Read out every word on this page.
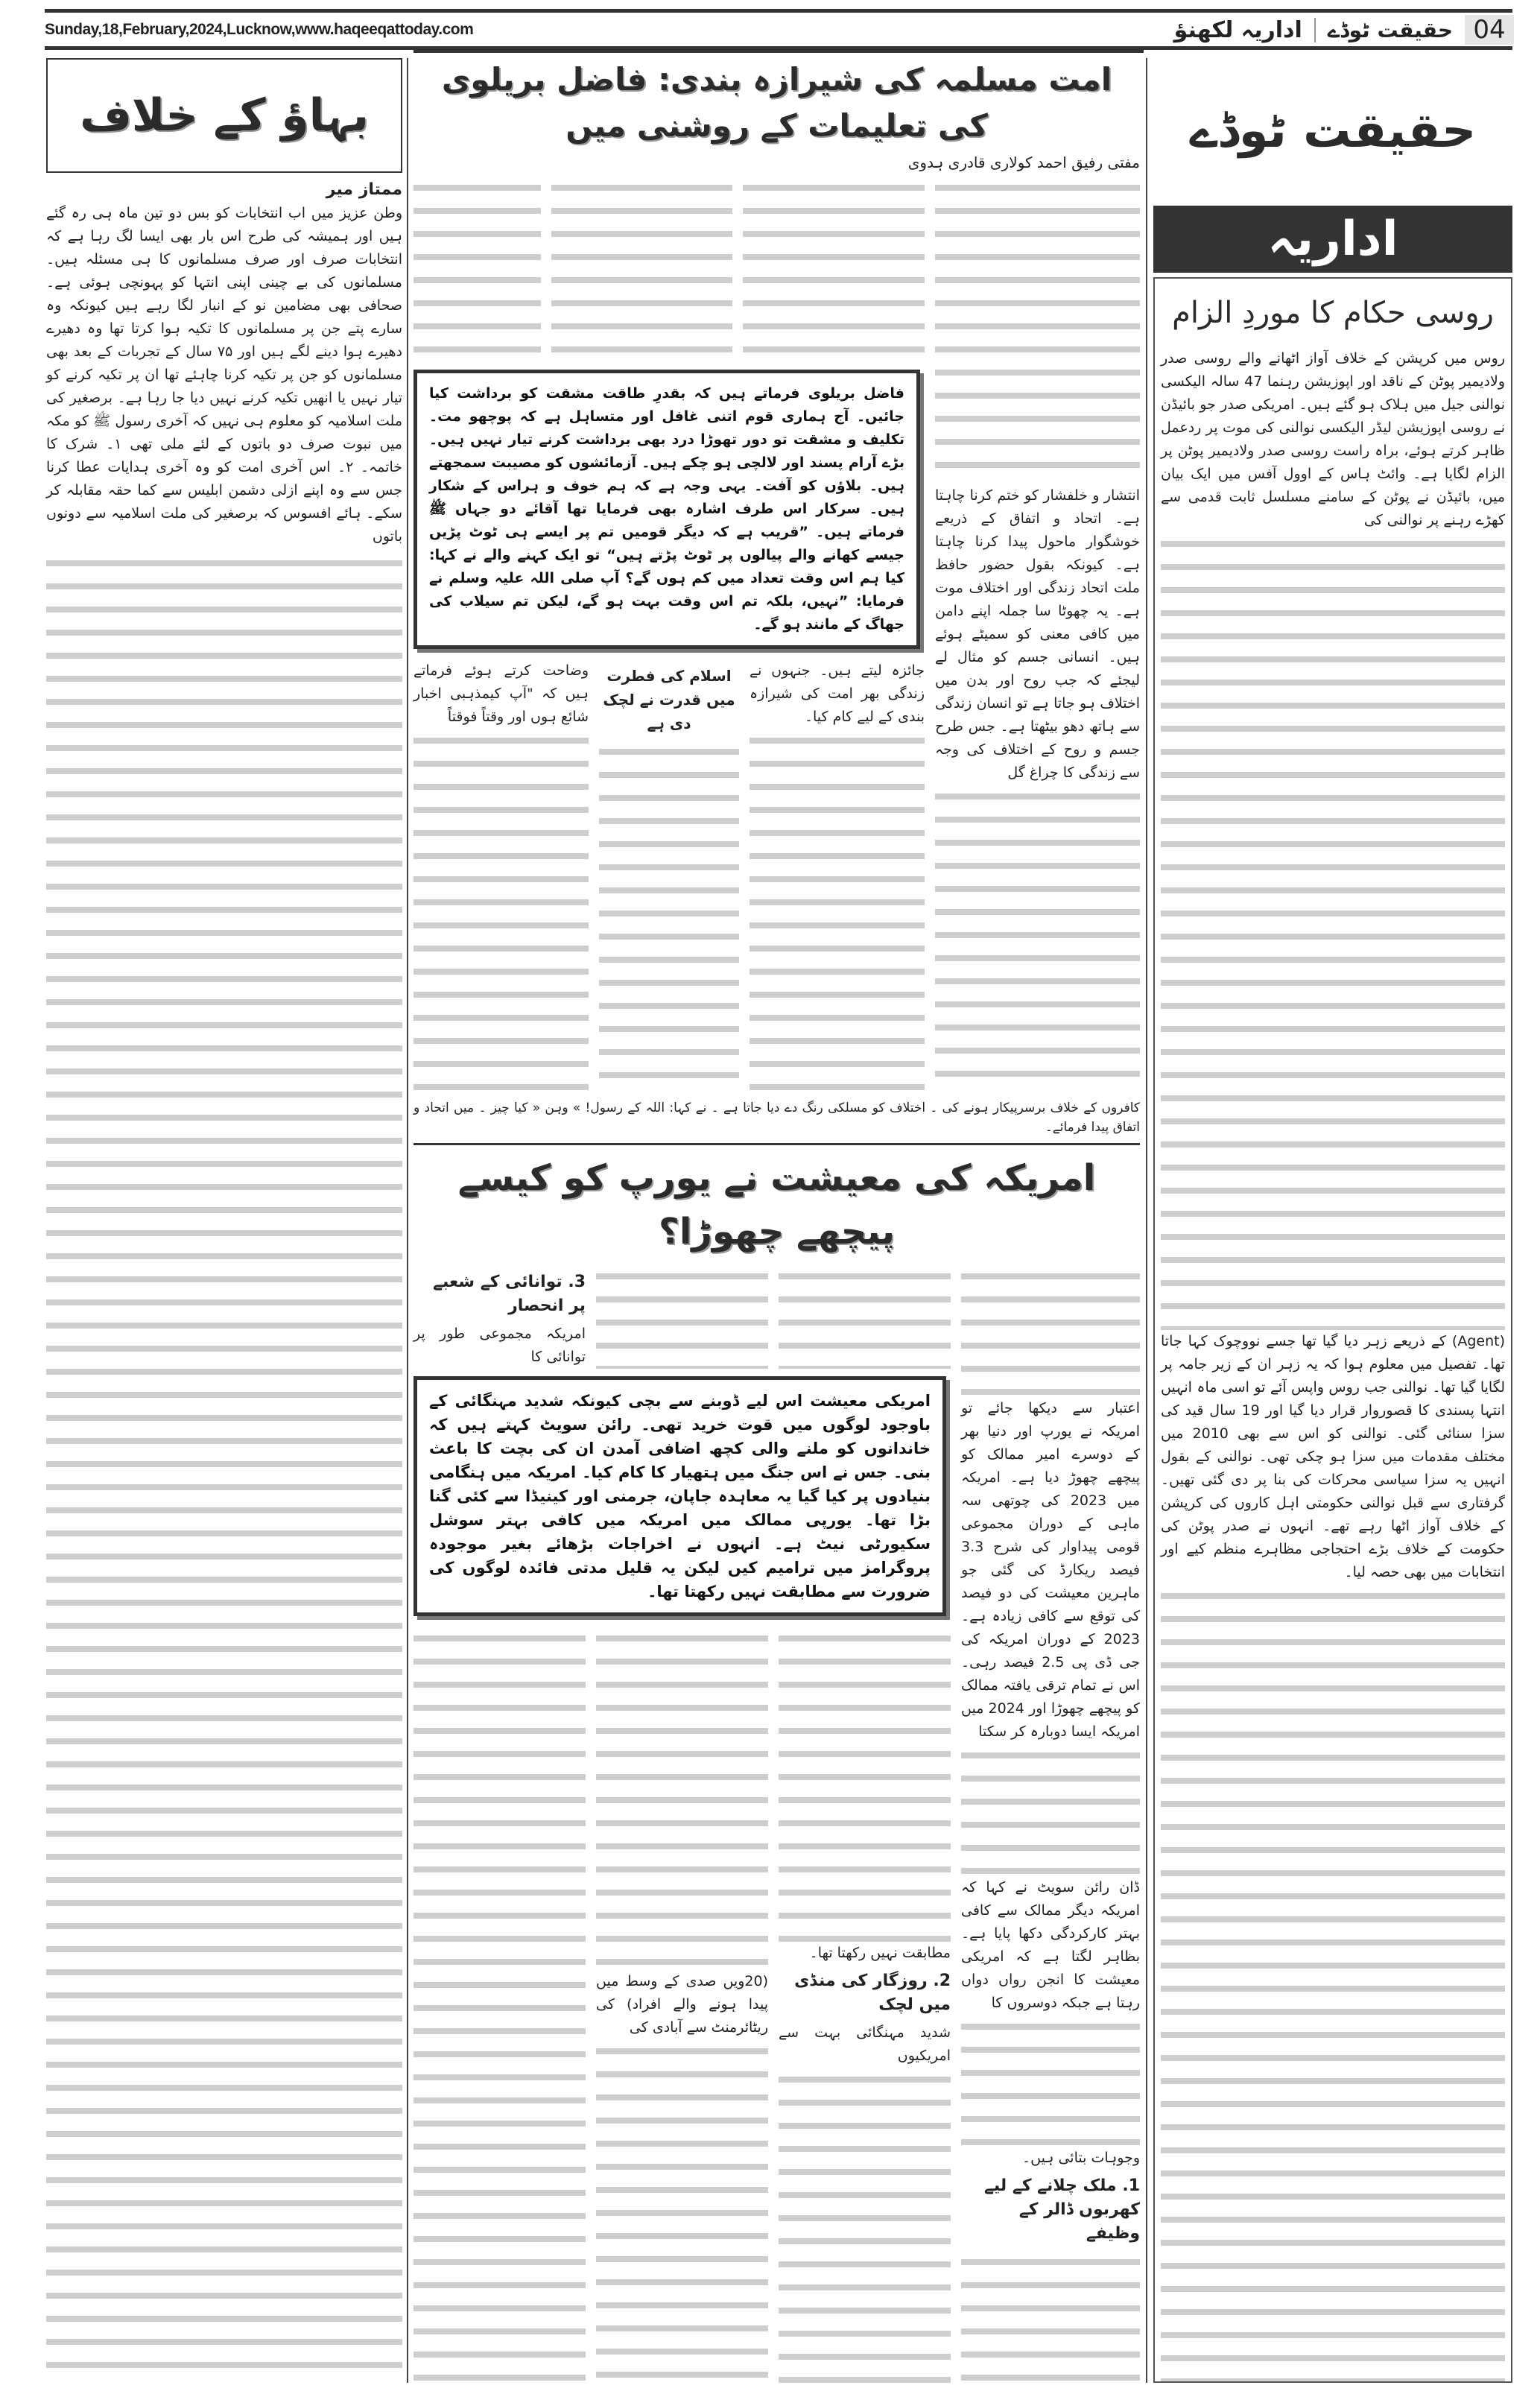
Sunday,18,February,2024,Lucknow,www.haqeeqattoday.com	اداریہ لکھنؤ	حقیقت ٹوڈے 04
بہاؤ کے خلاف
ممتاز میر

وطن عزیز میں اب انتخابات کو بس دو تین ماہ ہی رہ گئے ہیں اور ہمیشہ کی طرح اس بار بھی ایسا لگ رہا ہے کہ انتخابات صرف اور صرف مسلمانوں کا ہی مسئلہ ہیں۔ مسلمانوں کی بے چینی اپنی انتہا کو پہونچی ہوئی ہے۔ صحافی بھی مضامین نو کے انبار لگا رہے ہیں کیونکہ وہ سارے پتے جن پر مسلمانوں کا تکیہ ہوا کرتا تھا وہ دھیرے دھیرے ہوا دینے لگے ہیں اور ۷۵ سال کے تجربات کے بعد بھی مسلمانوں کو جن پر تکیہ کرنا چاہئے تھا ان پر تکیہ کرنے کو تیار نہیں یا انھیں تکیہ کرنے نہیں دیا جا رہا ہے۔ برصغیر کی ملت اسلامیہ کو معلوم ہی نہیں کہ آخری رسول ﷺ کو مکہ میں نبوت صرف دو باتوں کے لئے ملی تھی ۱۔ شرک کا خاتمہ۔ ۲۔ اس آخری امت کو وہ آخری ہدایات عطا کرنا جس سے وہ اپنے ازلی دشمن ابلیس سے کما حقہ مقابلہ کر سکے۔ ہائے افسوس کہ برصغیر کی ملت اسلامیہ سے دونوں باتوں

امت مسلمہ کی شیرازہ بندی: فاضل بریلوی کی تعلیمات کے روشنی میں
مفتی رفیق احمد کولاری قادری ہدوی

انتشار و خلفشار کو ختم کرنا چاہتا ہے۔ اتحاد و اتفاق کے ذریعے خوشگوار ماحول پیدا کرنا چاہتا ہے۔ کیونکہ بقول حضور حافظ ملت اتحاد زندگی اور اختلاف موت ہے۔ یہ چھوٹا سا جملہ اپنے دامن میں کافی معنی کو سمیٹے ہوئے ہیں۔ انسانی جسم کو مثال لے لیجئے کہ جب روح اور بدن میں اختلاف ہو جاتا ہے تو انسان زندگی سے ہاتھ دھو بیٹھتا ہے۔ جس طرح جسم و روح کے اختلاف کی وجہ سے زندگی کا چراغ گل

فاضل بریلوی فرماتے ہیں کہ بقدرِ طاقت مشقت کو برداشت کیا جائیں۔ آج ہماری قوم اتنی غافل اور متساہل ہے کہ پوچھو مت۔ تکلیف و مشقت تو دور تھوڑا درد بھی برداشت کرنے تیار نہیں ہیں۔ بڑے آرام پسند اور لالچی ہو چکے ہیں۔ آزمائشوں کو مصیبت سمجھتے ہیں۔ بلاؤں کو آفت۔ یہی وجہ ہے کہ ہم خوف و ہراس کے شکار ہیں۔ سرکار اس طرف اشارہ بھی فرمایا تھا آقائے دو جہاں ﷺ فرماتے ہیں۔ ”قریب ہے کہ دیگر قومیں تم پر ایسے ہی ٹوٹ پڑیں جیسے کھانے والے پیالوں پر ٹوٹ پڑتے ہیں“ تو ایک کہنے والے نے کہا: کیا ہم اس وقت تعداد میں کم ہوں گے؟ آپ صلی اللہ علیہ وسلم نے فرمایا: ”نہیں، بلکہ تم اس وقت بہت ہو گے، لیکن تم سیلاب کی جھاگ کے مانند ہو گے۔

جائزہ لیتے ہیں۔ جنہوں نے زندگی بھر امت کی شیرازہ بندی کے لیے کام کیا۔

اسلام کی فطرت میں قدرت نے لچک دی ہے

وضاحت کرتے ہوئے فرماتے ہیں کہ "آپ کیمذہبی اخبار شائع ہوں اور وقتاً فوقتاً

کافروں کے خلاف برسرپیکار ہونے کی ۔ اختلاف کو مسلکی رنگ دے دیا جاتا ہے ۔ نے کہا: اللہ کے رسول! » وہن « کیا چیز ۔ میں اتحاد و اتفاق پیدا فرمائے۔
امریکہ کی معیشت نے یورپ کو کیسے پیچھے چھوڑا؟

اعتبار سے دیکھا جائے تو امریکہ نے یورپ اور دنیا بھر کے دوسرے امیر ممالک کو پیچھے چھوڑ دیا ہے۔ امریکہ میں 2023 کی چوتھی سہ ماہی کے دوران مجموعی قومی پیداوار کی شرح 3.3 فیصد ریکارڈ کی گئی جو ماہرین معیشت کی دو فیصد کی توقع سے کافی زیادہ ہے۔ 2023 کے دوران امریکہ کی جی ڈی پی 2.5 فیصد رہی۔ اس نے تمام ترقی یافتہ ممالک کو پیچھے چھوڑا اور 2024 میں امریکہ ایسا دوبارہ کر سکتا

ڈان رائن سویٹ نے کہا کہ امریکہ دیگر ممالک سے کافی بہتر کارکردگی دکھا پایا ہے۔ بظاہر لگتا ہے کہ امریکی معیشت کا انجن رواں دواں رہتا ہے جبکہ دوسروں کا

وجوہات بتائی ہیں۔

1. ملک چلانے کے لیے کھربوں ڈالر کے وظیفے
3. توانائی کے شعبے پر انحصار
امریکہ مجموعی طور پر توانائی کا
امریکی معیشت اس لیے ڈوبنے سے بچی کیونکہ شدید مہنگائی کے باوجود لوگوں میں قوت خرید تھی۔ رائن سویٹ کہتے ہیں کہ خاندانوں کو ملنے والی کچھ اضافی آمدن ان کی بچت کا باعث بنی۔ جس نے اس جنگ میں ہتھیار کا کام کیا۔ امریکہ میں ہنگامی بنیادوں پر کیا گیا یہ معاہدہ جاپان، جرمنی اور کینیڈا سے کئی گنا بڑا تھا۔ یورپی ممالک میں امریکہ میں کافی بہتر سوشل سکیورٹی نیٹ ہے۔ انہوں نے اخراجات بڑھائے بغیر موجودہ پروگرامز میں ترامیم کیں لیکن یہ قلیل مدتی فائدہ لوگوں کی ضرورت سے مطابقت نہیں رکھتا تھا۔

مطابقت نہیں رکھتا تھا۔

2. روزگار کی منڈی میں لچک
شدید مہنگائی بہت سے امریکیوں

(20ویں صدی کے وسط میں پیدا ہونے والے افراد) کی ریٹائرمنٹ سے آبادی کی

حقیقت ٹوڈے
اداریہ
روسی حکام کا موردِ الزام

روس میں کرپشن کے خلاف آواز اٹھانے والے روسی صدر ولادیمیر پوٹن کے ناقد اور اپوزیشن رہنما 47 سالہ الیکسی نوالنی جیل میں ہلاک ہو گئے ہیں۔ امریکی صدر جو بائیڈن نے روسی اپوزیشن لیڈر الیکسی نوالنی کی موت پر ردعمل ظاہر کرتے ہوئے، براہ راست روسی صدر ولادیمیر پوٹن پر الزام لگایا ہے۔ وائٹ ہاس کے اوول آفس میں ایک بیان میں، بائیڈن نے پوٹن کے سامنے مسلسل ثابت قدمی سے کھڑے رہنے پر نوالنی کی

(Agent) کے ذریعے زہر دیا گیا تھا جسے نووچوک کہا جاتا تھا۔ تفصیل میں معلوم ہوا کہ یہ زہر ان کے زیر جامہ پر لگایا گیا تھا۔ نوالنی جب روس واپس آئے تو اسی ماہ انہیں انتہا پسندی کا قصوروار قرار دیا گیا اور 19 سال قید کی سزا سنائی گئی۔ نوالنی کو اس سے بھی 2010 میں مختلف مقدمات میں سزا ہو چکی تھی۔ نوالنی کے بقول انہیں یہ سزا سیاسی محرکات کی بنا پر دی گئی تھیں۔ گرفتاری سے قبل نوالنی حکومتی اہل کاروں کی کرپشن کے خلاف آواز اٹھا رہے تھے۔ انہوں نے صدر پوٹن کی حکومت کے خلاف بڑے احتجاجی مظاہرے منظم کیے اور انتخابات میں بھی حصہ لیا۔
